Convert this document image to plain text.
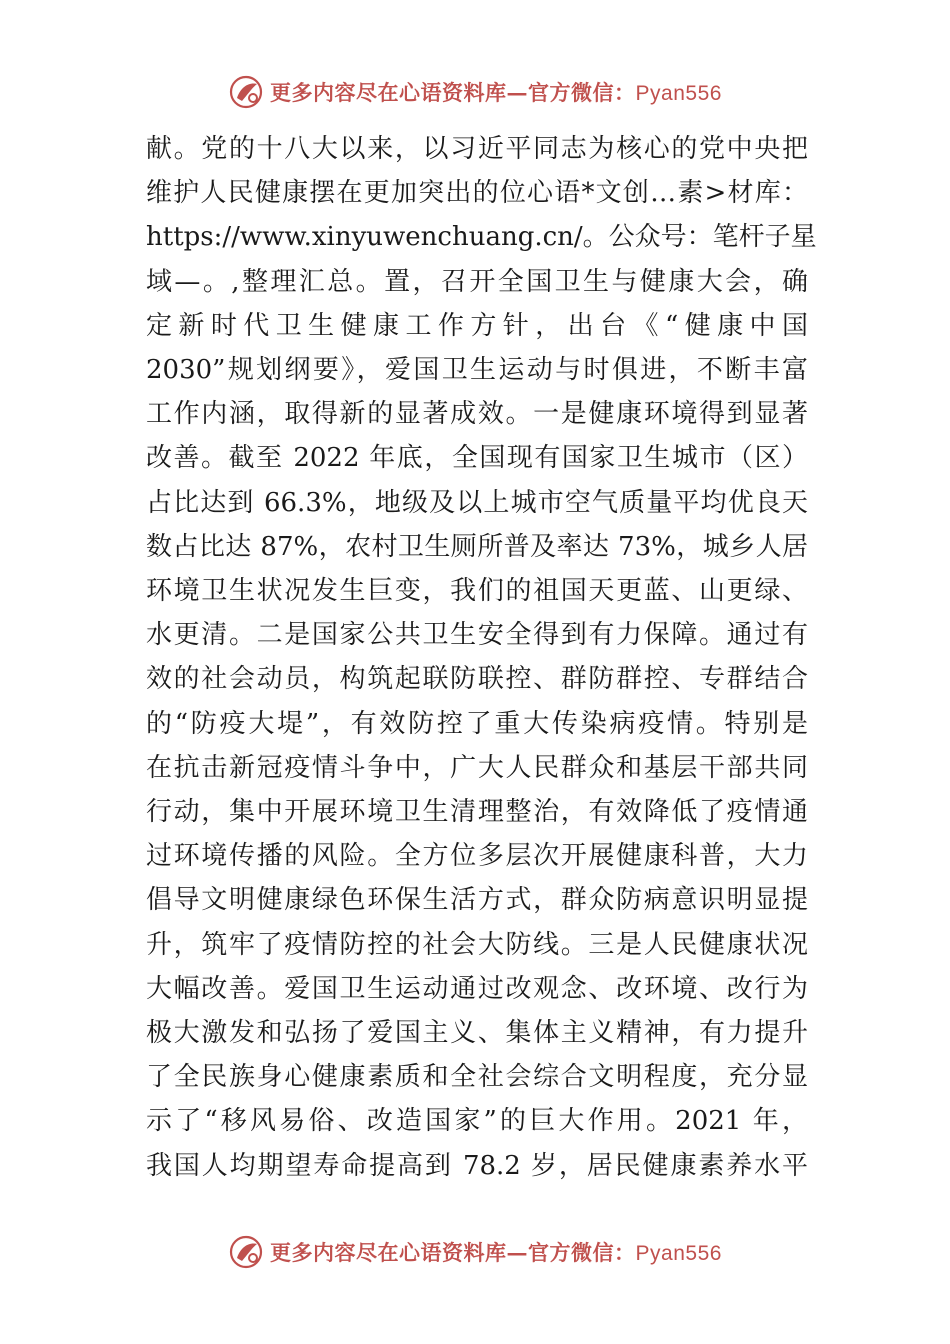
更多内容尽在心语资料库—官方微信：Pyan556
献。党的十八大以来，以习近平同志为核心的党中央把
维护人民健康摆在更加突出的位心语*文创…素>材库：
https://www.xinyuwenchuang.cn/。公众号：笔杆子星
域—。,整理汇总。置，召开全国卫生与健康大会，确
定新时代卫生健康工作方针，出台《“健康中国
2030”规划纲要》，爱国卫生运动与时俱进，不断丰富
工作内涵，取得新的显著成效。一是健康环境得到显著
改善。截至 2022 年底，全国现有国家卫生城市（区）
占比达到 66.3%，地级及以上城市空气质量平均优良天
数占比达 87%，农村卫生厕所普及率达 73%，城乡人居
环境卫生状况发生巨变，我们的祖国天更蓝、山更绿、
水更清。二是国家公共卫生安全得到有力保障。通过有
效的社会动员，构筑起联防联控、群防群控、专群结合
的“防疫大堤”，有效防控了重大传染病疫情。特别是
在抗击新冠疫情斗争中，广大人民群众和基层干部共同
行动，集中开展环境卫生清理整治，有效降低了疫情通
过环境传播的风险。全方位多层次开展健康科普，大力
倡导文明健康绿色环保生活方式，群众防病意识明显提
升，筑牢了疫情防控的社会大防线。三是人民健康状况
大幅改善。爱国卫生运动通过改观念、改环境、改行为
极大激发和弘扬了爱国主义、集体主义精神，有力提升
了全民族身心健康素质和全社会综合文明程度，充分显
示了“移风易俗、改造国家”的巨大作用。2021 年，
我国人均期望寿命提高到 78.2 岁，居民健康素养水平
更多内容尽在心语资料库—官方微信：Pyan556
